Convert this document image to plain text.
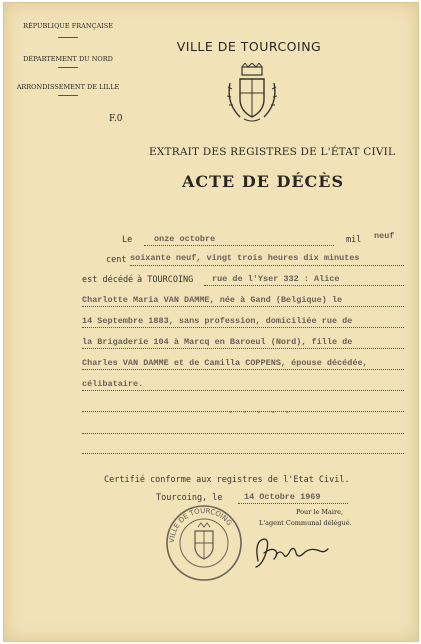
RÉPUBLIQUE FRANÇAISE
DÉPARTEMENT DU NORD
ARRONDISSEMENT DE LILLE
VILLE DE TOURCOING
F.0
EXTRAIT DES REGISTRES DE L'ÉTAT CIVIL
ACTE DE DÉCÈS
Le	onze octobre	mil neuf
cent soixante neuf, vingt trois heures dix minutes
est décédé à TOURCOING rue de l'Yser 332 : Alice
Charlotte Maria VAN DAMME, née à Gand (Belgique) le
14 Septembre 1883, sans profession, domiciliée rue de
la Brigaderie 104 à Marcq en Baroeul (Nord), fille de
Charles VAN DAMME et de Camilla COPPENS, épouse décédée,
célibataire.
- - - - -
Certifié conforme aux registres de l'Etat Civil.
Tourcoing, le	14 Octobre 1969
Pour le Maire,
L'agent Communal délégué.
VILLE DE TOURCOING
